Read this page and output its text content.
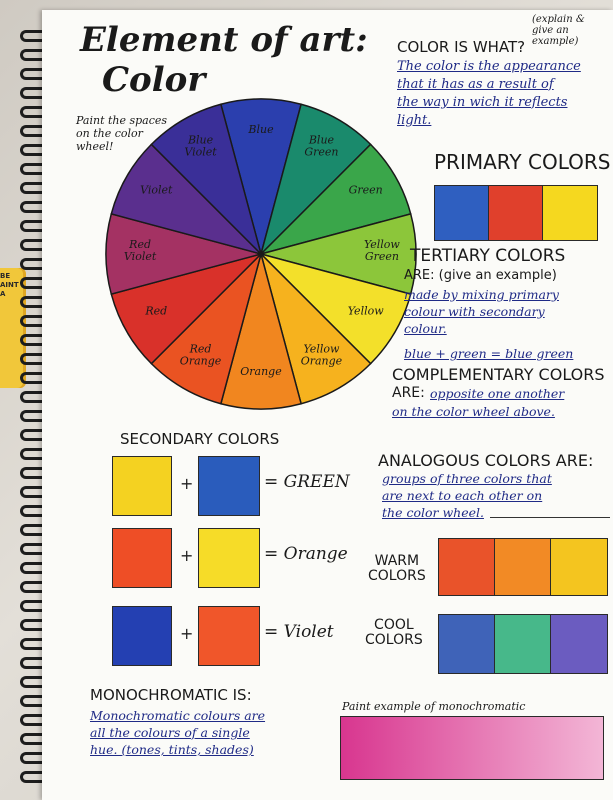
BE
AINT
A
Element of art:
Color
Paint the spaces
on the color
wheel!
Blue
Blue Green
Green
Yellow Green
Yellow
Yellow Orange
Orange
Red Orange
Red
Red Violet
Violet
Blue Violet
COLOR IS WHAT?
(explain &
give an
example)
The color is the appearance
that it has as a result of
the way in wich it reflects
light.
PRIMARY COLORS
TERTIARY COLORS
ARE: (give an example)
made by mixing primary
colour with secondary
colour.
blue + green = blue green
COMPLEMENTARY COLORS
ARE: opposite one another
on the color wheel above.
SECONDARY COLORS
+	= GREEN
+	= Orange
+	= Violet
ANALOGOUS COLORS ARE:
groups of three colors that
are next to each other on
the color wheel.
WARM
COLORS
COOL
COLORS
MONOCHROMATIC IS:
Monochromatic colours are
all the colours of a single
hue. (tones, tints, shades)
Paint example of monochromatic
